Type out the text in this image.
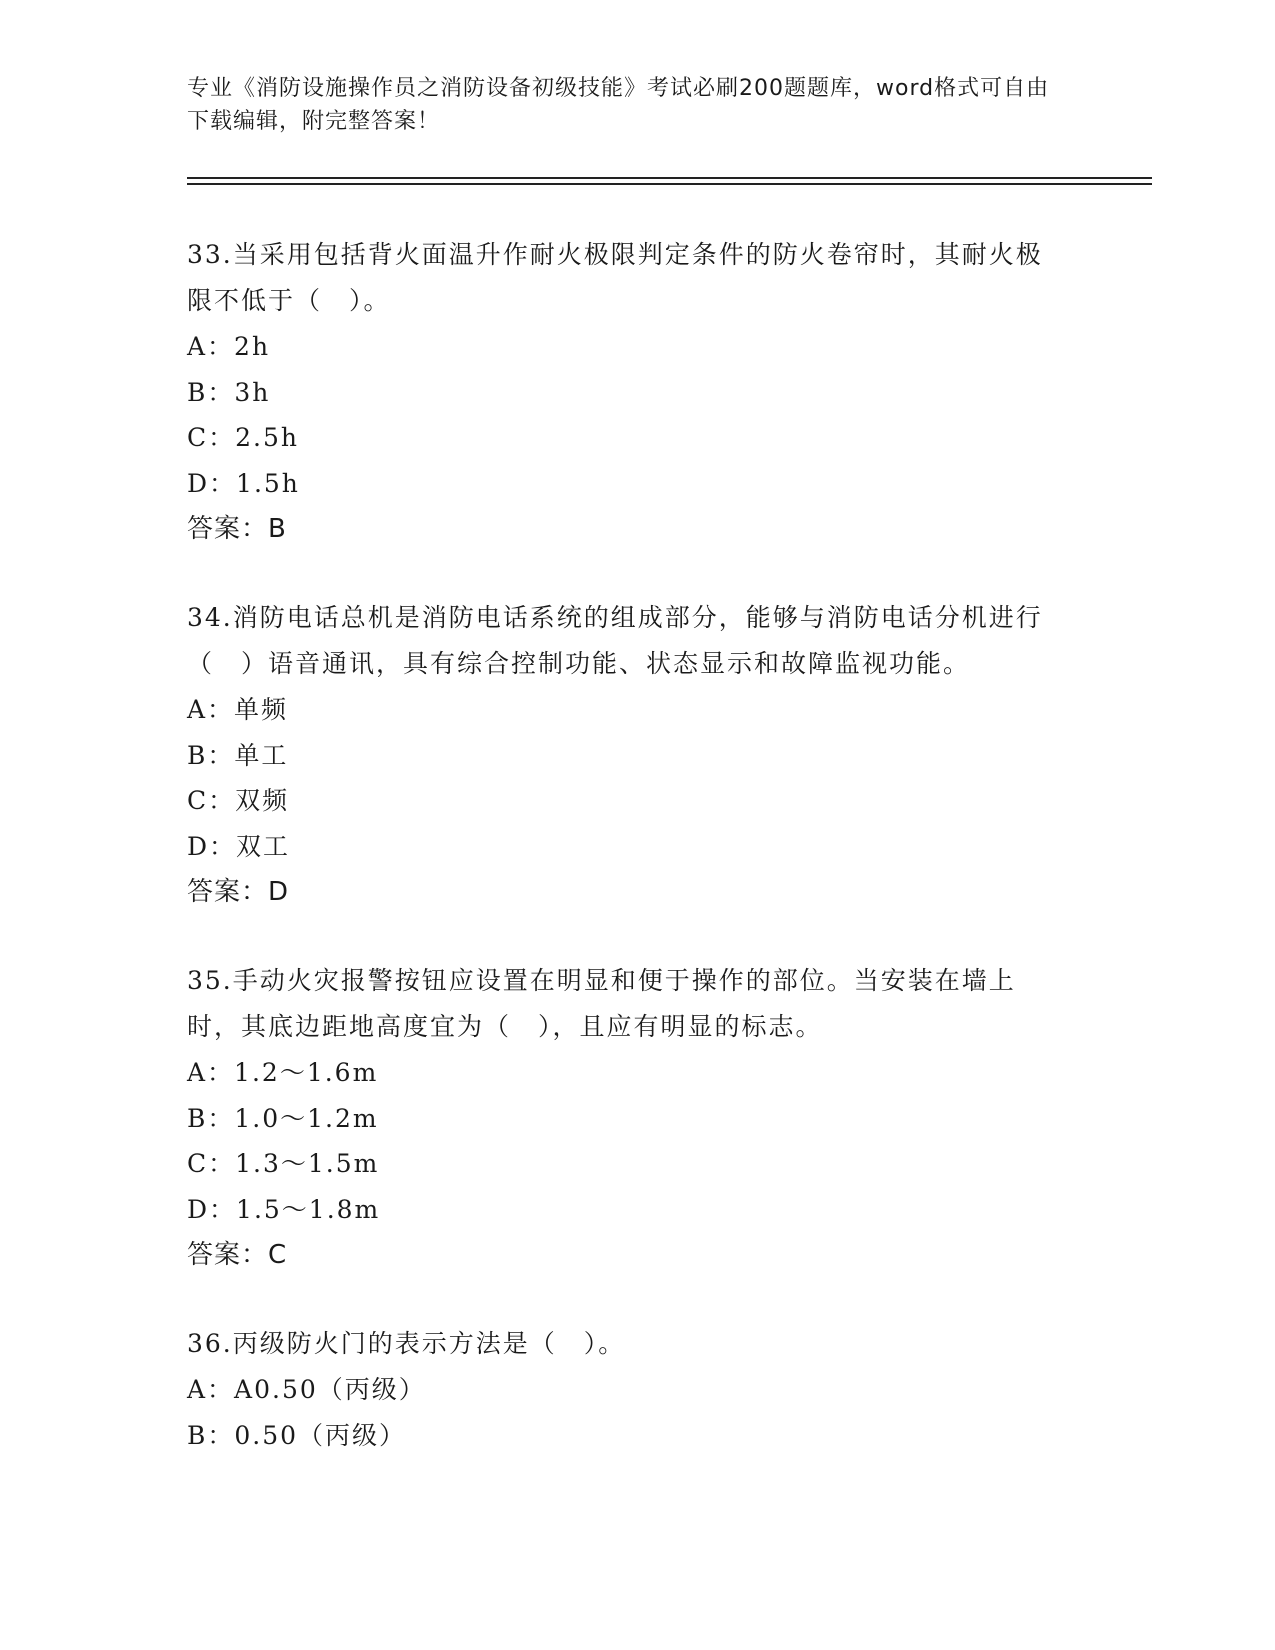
专业《消防设施操作员之消防设备初级技能》考试必刷200题题库，word格式可自由下载编辑，附完整答案！
33.当采用包括背火面温升作耐火极限判定条件的防火卷帘时，其耐火极限不低于（　）。
A：2h
B：3h
C：2.5h
D：1.5h
答案：B
34.消防电话总机是消防电话系统的组成部分，能够与消防电话分机进行（　）语音通讯，具有综合控制功能、状态显示和故障监视功能。
A：单频
B：单工
C：双频
D：双工
答案：D
35.手动火灾报警按钮应设置在明显和便于操作的部位。当安装在墙上时，其底边距地高度宜为（　），且应有明显的标志。
A：1.2～1.6m
B：1.0～1.2m
C：1.3～1.5m
D：1.5～1.8m
答案：C
36.丙级防火门的表示方法是（　）。
A：A0.50（丙级）
B：0.50（丙级）
